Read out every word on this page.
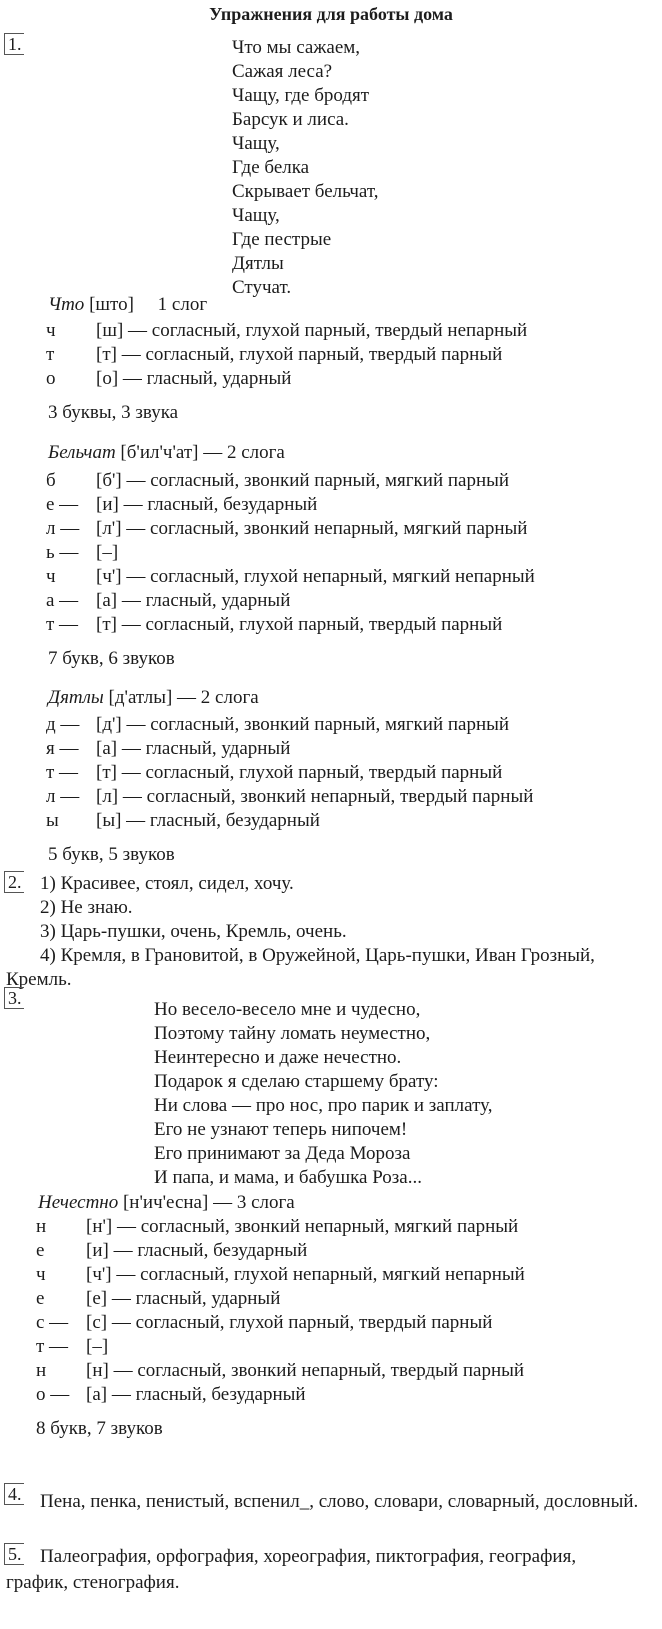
Упражнения для работы дома
1.	Что мы сажаем,
Сажая леса?
Чащу, где бродят
Барсук и лиса.
Чащу,
Где белка
Скрывает бельчат,
Чащу,
Где пестрые
Дятлы
Стучат.
Что [што] 1 слог
ч	[ш] — согласный, глухой парный, твердый непарный
т	[т] — согласный, глухой парный, твердый парный
о	[о] — гласный, ударный
3 буквы, 3 звука
Бельчат [б'ил'ч'ат] — 2 слога
б	[б'] — согласный, звонкий парный, мягкий парный
е — [и] — гласный, безударный
л — [л'] — согласный, звонкий непарный, мягкий парный
ь — [–]
ч	[ч'] — согласный, глухой непарный, мягкий непарный
а — [а] — гласный, ударный
т — [т] — согласный, глухой парный, твердый парный
7 букв, 6 звуков
Дятлы [д'атлы] — 2 слога
д — [д'] — согласный, звонкий парный, мягкий парный
я — [а] — гласный, ударный
т — [т] — согласный, глухой парный, твердый парный
л — [л] — согласный, звонкий непарный, твердый парный
ы	[ы] — гласный, безударный
5 букв, 5 звуков
2. 1) Красивее, стоял, сидел, хочу.
2) Не знаю.
3) Царь-пушки, очень, Кремль, очень.
4) Кремля, в Грановитой, в Оружейной, Царь-пушки, Иван Грозный, Кремль.
3.
Но весело-весело мне и чудесно,
Поэтому тайну ломать неуместно,
Неинтересно и даже нечестно.
Подарок я сделаю старшему брату:
Ни слова — про нос, про парик и заплату,
Его не узнают теперь нипочем!
Его принимают за Деда Мороза
И папа, и мама, и бабушка Роза...
Нечестно [н'ич'есна] — 3 слога
н	[н'] — согласный, звонкий непарный, мягкий парный
е	[и] — гласный, безударный
ч	[ч'] — согласный, глухой непарный, мягкий непарный
е	[е] — гласный, ударный
с — [с] — согласный, глухой парный, твердый парный
т — [–]
н	[н] — согласный, звонкий непарный, твердый парный
о — [а] — гласный, безударный
8 букв, 7 звуков
4. Пена, пенка, пенистый, вспенил_, слово, словари, словарный, дословный.
5. Палеография, орфография, хореография, пиктография, география, график, стенография.
